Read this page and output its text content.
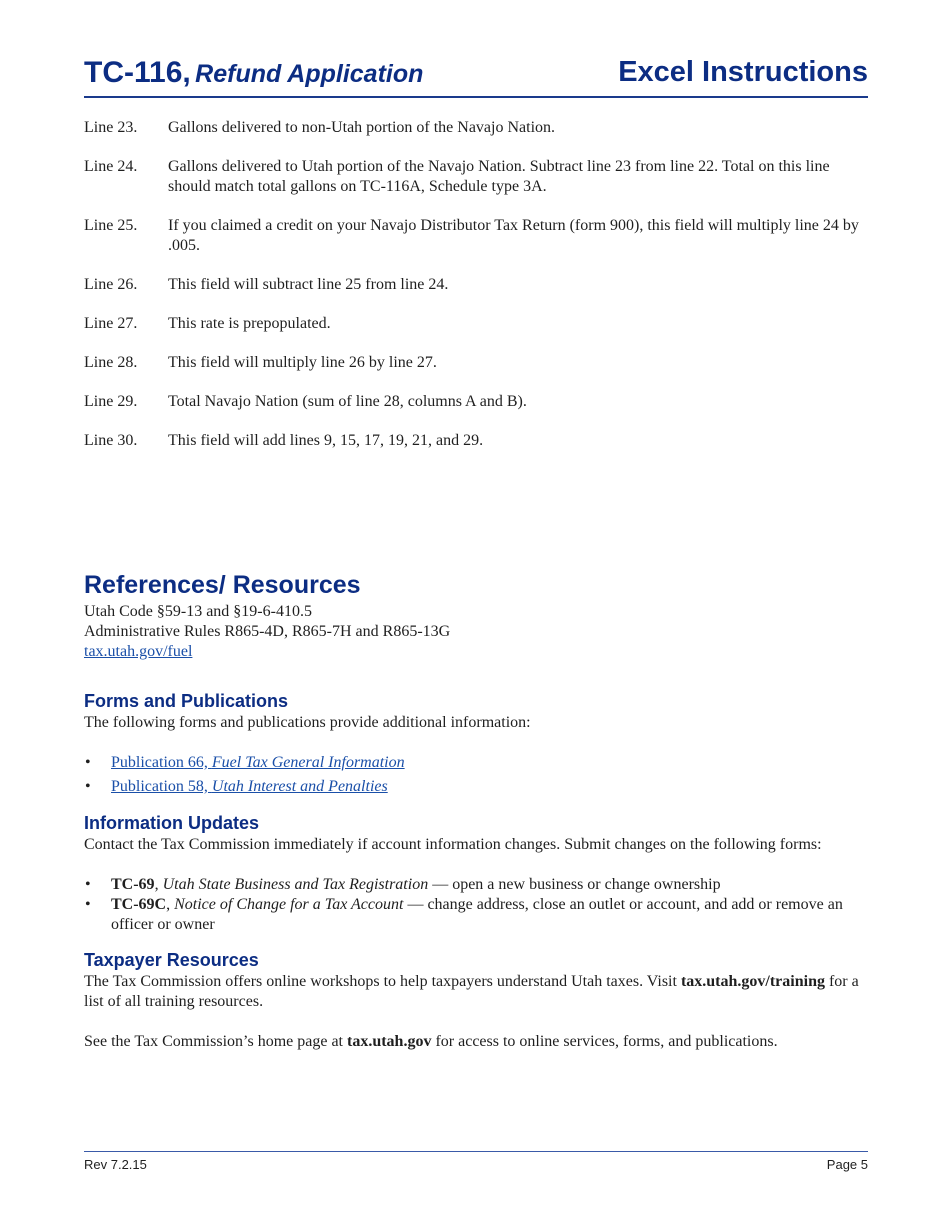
TC-116, Refund Application	Excel Instructions
Line 23.	Gallons delivered to non-Utah portion of the Navajo Nation.
Line 24.	Gallons delivered to Utah portion of the Navajo Nation. Subtract line 23 from line 22. Total on this line should match total gallons on TC-116A, Schedule type 3A.
Line 25.	If you claimed a credit on your Navajo Distributor Tax Return (form 900), this field will multiply line 24 by .005.
Line 26.	This field will subtract line 25 from line 24.
Line 27.	This rate is prepopulated.
Line 28.	This field will multiply line 26 by line 27.
Line 29.	Total Navajo Nation (sum of line 28, columns A and B).
Line 30.	This field will add lines 9, 15, 17, 19, 21, and 29.
References/ Resources
Utah Code §59-13 and §19-6-410.5
Administrative Rules R865-4D, R865-7H and R865-13G
tax.utah.gov/fuel
Forms and Publications
The following forms and publications provide additional information:
• Publication 66, Fuel Tax General Information
• Publication 58, Utah Interest and Penalties
Information Updates
Contact the Tax Commission immediately if account information changes. Submit changes on the following forms:
• TC-69, Utah State Business and Tax Registration — open a new business or change ownership
• TC-69C, Notice of Change for a Tax Account — change address, close an outlet or account, and add or remove an officer or owner
Taxpayer Resources
The Tax Commission offers online workshops to help taxpayers understand Utah taxes. Visit tax.utah.gov/training for a list of all training resources.
See the Tax Commission’s home page at tax.utah.gov for access to online services, forms, and publications.
Rev 7.2.15	Page 5
